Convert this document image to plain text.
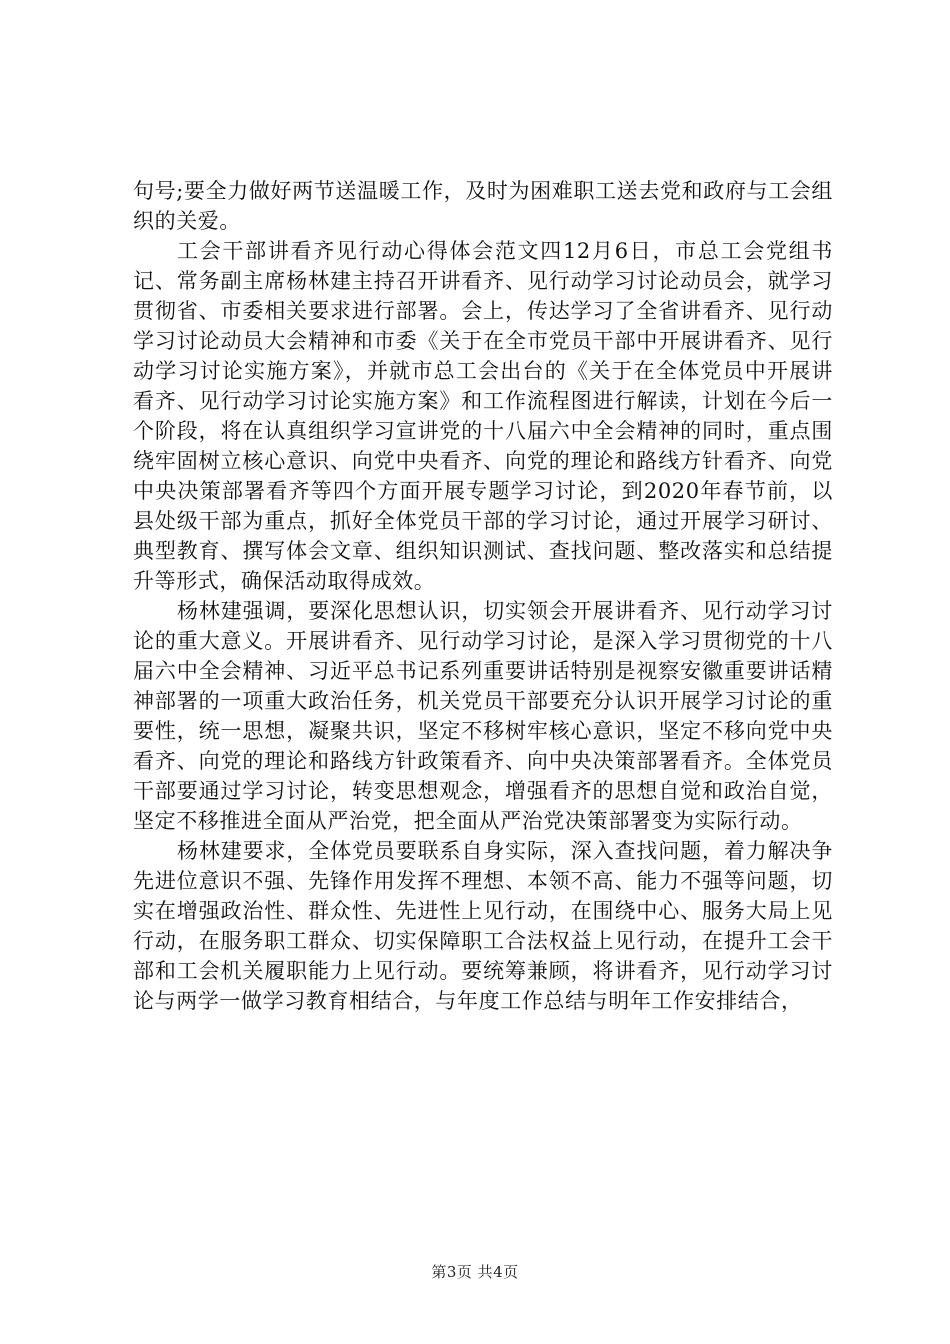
句号;要全力做好两节送温暖工作，及时为困难职工送去党和政府与工会组织的关爱。

工会干部讲看齐见行动心得体会范文四12月6日，市总工会党组书记、常务副主席杨林建主持召开讲看齐、见行动学习讨论动员会，就学习贯彻省、市委相关要求进行部署。会上，传达学习了全省讲看齐、见行动学习讨论动员大会精神和市委《关于在全市党员干部中开展讲看齐、见行动学习讨论实施方案》，并就市总工会出台的《关于在全体党员中开展讲看齐、见行动学习讨论实施方案》和工作流程图进行解读，计划在今后一个阶段，将在认真组织学习宣讲党的十八届六中全会精神的同时，重点围绕牢固树立核心意识、向党中央看齐、向党的理论和路线方针看齐、向党中央决策部署看齐等四个方面开展专题学习讨论，到2020年春节前，以县处级干部为重点，抓好全体党员干部的学习讨论，通过开展学习研讨、典型教育、撰写体会文章、组织知识测试、查找问题、整改落实和总结提升等形式，确保活动取得成效。

杨林建强调，要深化思想认识，切实领会开展讲看齐、见行动学习讨论的重大意义。开展讲看齐、见行动学习讨论，是深入学习贯彻党的十八届六中全会精神、习近平总书记系列重要讲话特别是视察安徽重要讲话精神部署的一项重大政治任务，机关党员干部要充分认识开展学习讨论的重要性，统一思想，凝聚共识，坚定不移树牢核心意识，坚定不移向党中央看齐、向党的理论和路线方针政策看齐、向中央决策部署看齐。全体党员干部要通过学习讨论，转变思想观念，增强看齐的思想自觉和政治自觉，坚定不移推进全面从严治党，把全面从严治党决策部署变为实际行动。

杨林建要求，全体党员要联系自身实际，深入查找问题，着力解决争先进位意识不强、先锋作用发挥不理想、本领不高、能力不强等问题，切实在增强政治性、群众性、先进性上见行动，在围绕中心、服务大局上见行动，在服务职工群众、切实保障职工合法权益上见行动，在提升工会干部和工会机关履职能力上见行动。要统筹兼顾，将讲看齐，见行动学习讨论与两学一做学习教育相结合，与年度工作总结与明年工作安排结合，

第3页 共4页
